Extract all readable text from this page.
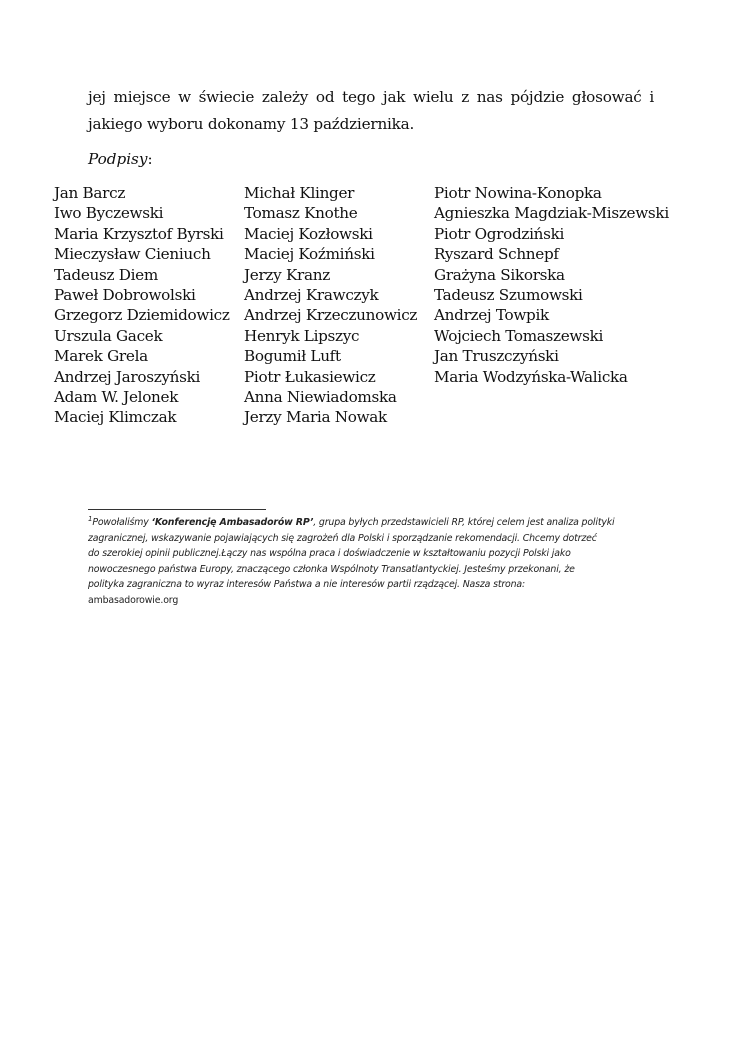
jej miejsce w świecie zależy od tego jak wielu z nas pójdzie głosować i
jakiego wyboru dokonamy 13 października.
Podpisy:
Jan Barcz
Iwo Byczewski
Maria Krzysztof Byrski
Mieczysław Cieniuch
Tadeusz Diem
Paweł Dobrowolski
Grzegorz Dziemidowicz
Urszula Gacek
Marek Grela
Andrzej Jaroszyński
Adam W. Jelonek
Maciej Klimczak
Michał Klinger
Tomasz Knothe
Maciej Kozłowski
Maciej Koźmiński
Jerzy Kranz
Andrzej Krawczyk
Andrzej Krzeczunowicz
Henryk Lipszyc
Bogumił Luft
Piotr Łukasiewicz
Anna Niewiadomska
Jerzy Maria Nowak
Piotr Nowina-Konopka
Agnieszka Magdziak-Miszewski
Piotr Ogrodziński
Ryszard Schnepf
Grażyna Sikorska
Tadeusz Szumowski
Andrzej Towpik
Wojciech Tomaszewski
Jan Truszczyński
Maria Wodzyńska-Walicka
$^1$Powołaliśmy ‘Konferencję Ambasadorów RP’, grupa byłych przedstawicieli RP, której celem jest analiza polityki
zagranicznej, wskazywanie pojawiających się zagrożeń dla Polski i sporządzanie rekomendacji. Chcemy dotrzeć
do szerokiej opinii publicznej.Łączy nas wspólna praca i doświadczenie w kształtowaniu pozycji Polski jako
nowoczesnego państwa Europy, znaczącego członka Wspólnoty Transatlantyckiej. Jesteśmy przekonani, że
polityka zagraniczna to wyraz interesów Państwa a nie interesów partii rządzącej. Nasza strona:
ambasadorowie.org
